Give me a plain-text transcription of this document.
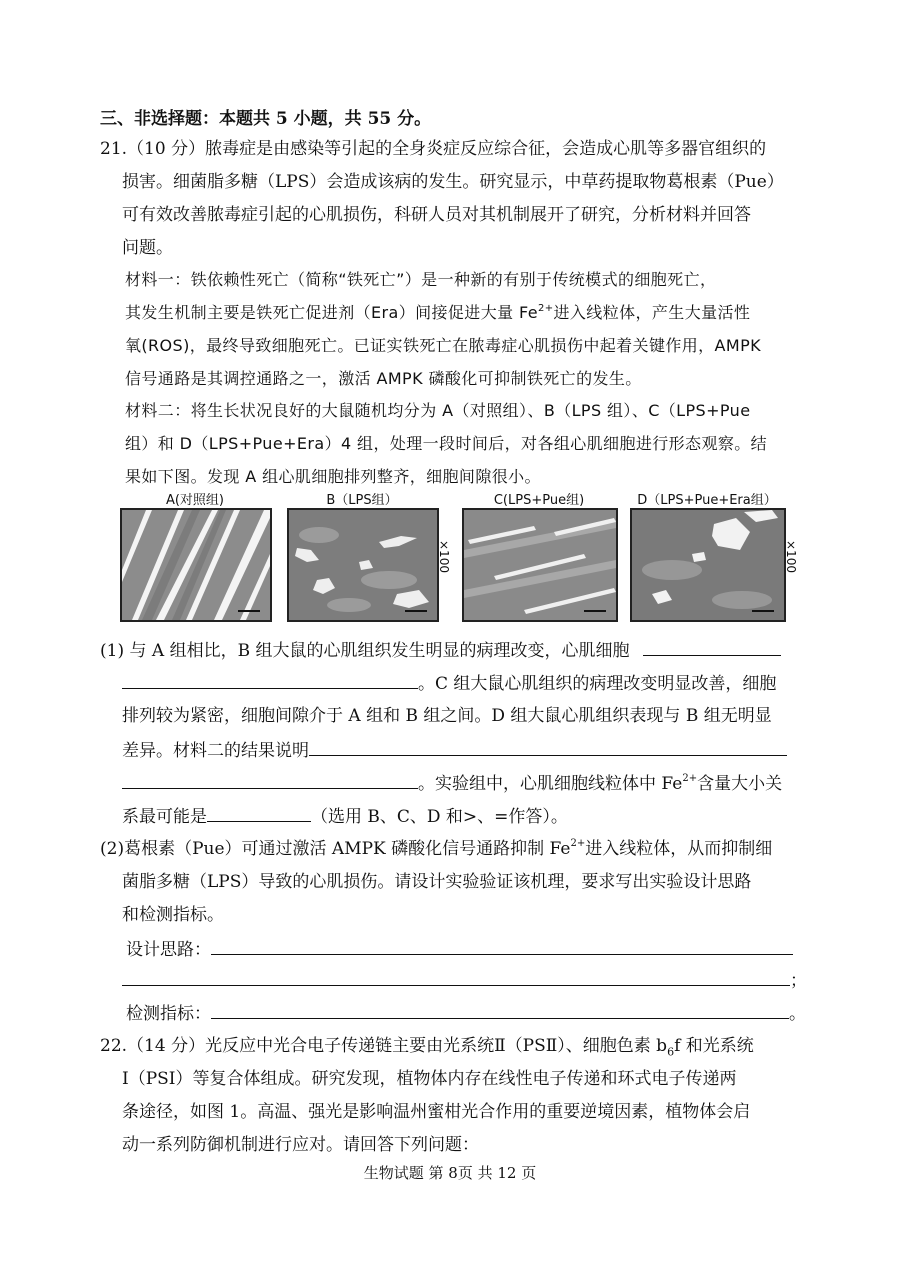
三、非选择题：本题共 5 小题，共 55 分。
21.（10 分）脓毒症是由感染等引起的全身炎症反应综合征，会造成心肌等多器官组织的
损害。细菌脂多糖（LPS）会造成该病的发生。研究显示，中草药提取物葛根素（Pue）
可有效改善脓毒症引起的心肌损伤，科研人员对其机制展开了研究，分析材料并回答
问题。
材料一：铁依赖性死亡（简称“铁死亡”）是一种新的有别于传统模式的细胞死亡，
其发生机制主要是铁死亡促进剂（Era）间接促进大量 $Fe^{2+}$进入线粒体，产生大量活性
氧(ROS)，最终导致细胞死亡。已证实铁死亡在脓毒症心肌损伤中起着关键作用，AMPK
信号通路是其调控通路之一，激活 AMPK 磷酸化可抑制铁死亡的发生。
材料二：将生长状况良好的大鼠随机均分为 A（对照组）、B（LPS 组）、C（LPS+Pue
组）和 D（LPS+Pue+Era）4 组，处理一段时间后，对各组心肌细胞进行形态观察。结
果如下图。发现 A 组心肌细胞排列整齐，细胞间隙很小。
A(对照组)	B（LPS组）	C(LPS+Pue组)	D（LPS+Pue+Era组）
×100	×100
(1) 与 A 组相比，B 组大鼠的心肌组织发生明显的病理改变，心肌细胞
。C 组大鼠心肌组织的病理改变明显改善，细胞
排列较为紧密，细胞间隙介于 A 组和 B 组之间。D 组大鼠心肌组织表现与 B 组无明显
差异。材料二的结果说明
。实验组中，心肌细胞线粒体中 $Fe^{2+}$含量大小关
系最可能是	（选用 B、C、D 和>、=作答）。
(2)葛根素（Pue）可通过激活 AMPK 磷酸化信号通路抑制 $Fe^{2+}$进入线粒体，从而抑制细
菌脂多糖（LPS）导致的心肌损伤。请设计实验验证该机理，要求写出实验设计思路
和检测指标。
设计思路：
；
检测指标：	。
22.（14 分）光反应中光合电子传递链主要由光系统Ⅱ（PSⅡ）、细胞色素 $b_6f$ 和光系统
Ⅰ（PSⅠ）等复合体组成。研究发现，植物体内存在线性电子传递和环式电子传递两
条途径，如图 1。高温、强光是影响温州蜜柑光合作用的重要逆境因素，植物体会启
动一系列防御机制进行应对。请回答下列问题：
生物试题 第 8页 共 12 页
